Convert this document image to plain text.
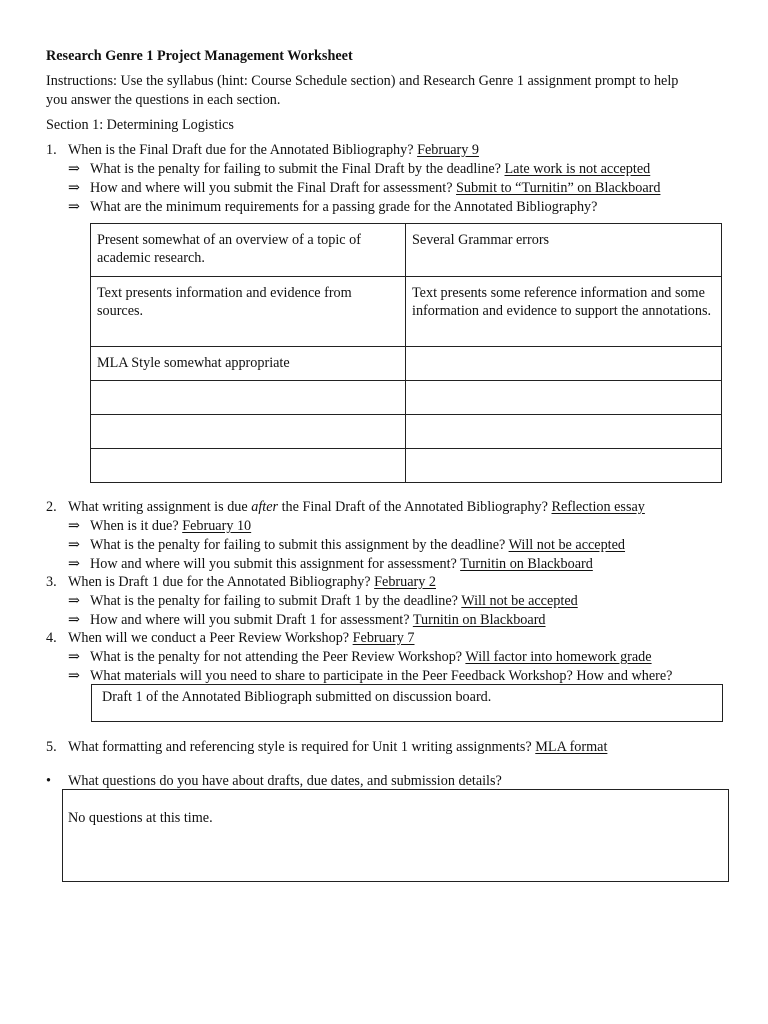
Research Genre 1 Project Management Worksheet
Instructions: Use the syllabus (hint: Course Schedule section) and Research Genre 1 assignment prompt to help
you answer the questions in each section.
Section 1: Determining Logistics
1. When is the Final Draft due for the Annotated Bibliography? February 9
⇒ What is the penalty for failing to submit the Final Draft by the deadline? Late work is not accepted
⇒ How and where will you submit the Final Draft for assessment? Submit to “Turnitin” on Blackboard
⇒ What are the minimum requirements for a passing grade for the Annotated Bibliography?
Present somewhat of an overview of a topic of academic research.	Several Grammar errors
Text presents information and evidence from sources.	Text presents some reference information and some information and evidence to support the annotations.
MLA Style somewhat appropriate	

2. What writing assignment is due after the Final Draft of the Annotated Bibliography? Reflection essay
⇒ When is it due? February 10
⇒ What is the penalty for failing to submit this assignment by the deadline? Will not be accepted
⇒ How and where will you submit this assignment for assessment? Turnitin on Blackboard
3. When is Draft 1 due for the Annotated Bibliography? February 2
⇒ What is the penalty for failing to submit Draft 1 by the deadline? Will not be accepted
⇒ How and where will you submit Draft 1 for assessment? Turnitin on Blackboard
4. When will we conduct a Peer Review Workshop? February 7
⇒ What is the penalty for not attending the Peer Review Workshop? Will factor into homework grade
⇒ What materials will you need to share to participate in the Peer Feedback Workshop? How and where?
Draft 1 of the Annotated Bibliograph submitted on discussion board.
5. What formatting and referencing style is required for Unit 1 writing assignments? MLA format
• What questions do you have about drafts, due dates, and submission details?
No questions at this time.
